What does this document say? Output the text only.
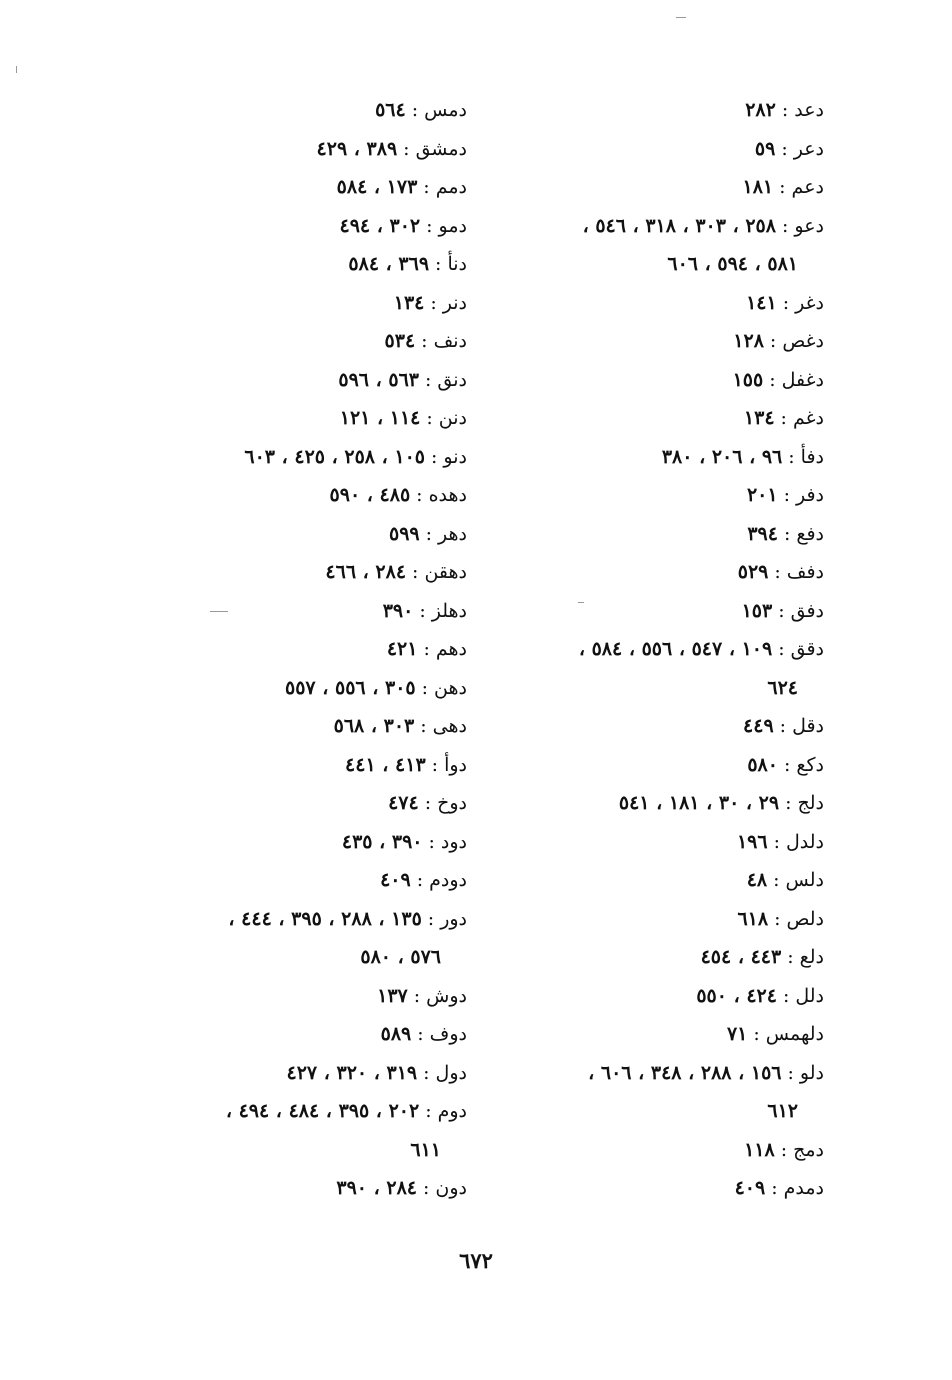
دعد:٢٨٢
دعر:٥٩
دعم:١٨١
دعو:٢٥٨ ، ٣٠٣ ، ٣١٨ ، ٥٤٦ ،
٥٨١ ، ٥٩٤ ، ٦٠٦
دغر:١٤١
دغص:١٢٨
دغفل:١٥٥
دغم:١٣٤
دفأ:٩٦ ، ٢٠٦ ، ٣٨٠
دفر:٢٠١
دفع:٣٩٤
دفف:٥٢٩
دفق:١٥٣
دقق:١٠٩ ، ٥٤٧ ، ٥٥٦ ، ٥٨٤ ،
٦٢٤
دقل:٤٤٩
دكع:٥٨٠
دلج:٢٩ ، ٣٠ ، ١٨١ ، ٥٤١
دلدل:١٩٦
دلس:٤٨
دلص:٦١٨
دلع:٤٤٣ ، ٤٥٤
دلل:٤٢٤ ، ٥٥٠
دلهمس:٧١
دلو:١٥٦ ، ٢٨٨ ، ٣٤٨ ، ٦٠٦ ،
٦١٢
دمج:١١٨
دمدم:٤٠٩
دمس:٥٦٤
دمشق:٣٨٩ ، ٤٢٩
دمم:١٧٣ ، ٥٨٤
دمو:٣٠٢ ، ٤٩٤
دنأ:٣٦٩ ، ٥٨٤
دنر:١٣٤
دنف:٥٣٤
دنق:٥٦٣ ، ٥٩٦
دنن:١١٤ ، ١٢١
دنو:١٠٥ ، ٢٥٨ ، ٤٢٥ ، ٦٠٣
دهده:٤٨٥ ، ٥٩٠
دهر:٥٩٩
دهقن:٢٨٤ ، ٤٦٦
دهلز:٣٩٠
دهم:٤٢١
دهن:٣٠٥ ، ٥٥٦ ، ٥٥٧
دهى:٣٠٣ ، ٥٦٨
دوأ:٤١٣ ، ٤٤١
دوخ:٤٧٤
دود:٣٩٠ ، ٤٣٥
دودم:٤٠٩
دور:١٣٥ ، ٢٨٨ ، ٣٩٥ ، ٤٤٤ ،
٥٧٦ ، ٥٨٠
دوش:١٣٧
دوف:٥٨٩
دول:٣١٩ ، ٣٢٠ ، ٤٢٧
دوم:٢٠٢ ، ٣٩٥ ، ٤٨٤ ، ٤٩٤ ،
٦١١
دون:٢٨٤ ، ٣٩٠
٦٧٢
